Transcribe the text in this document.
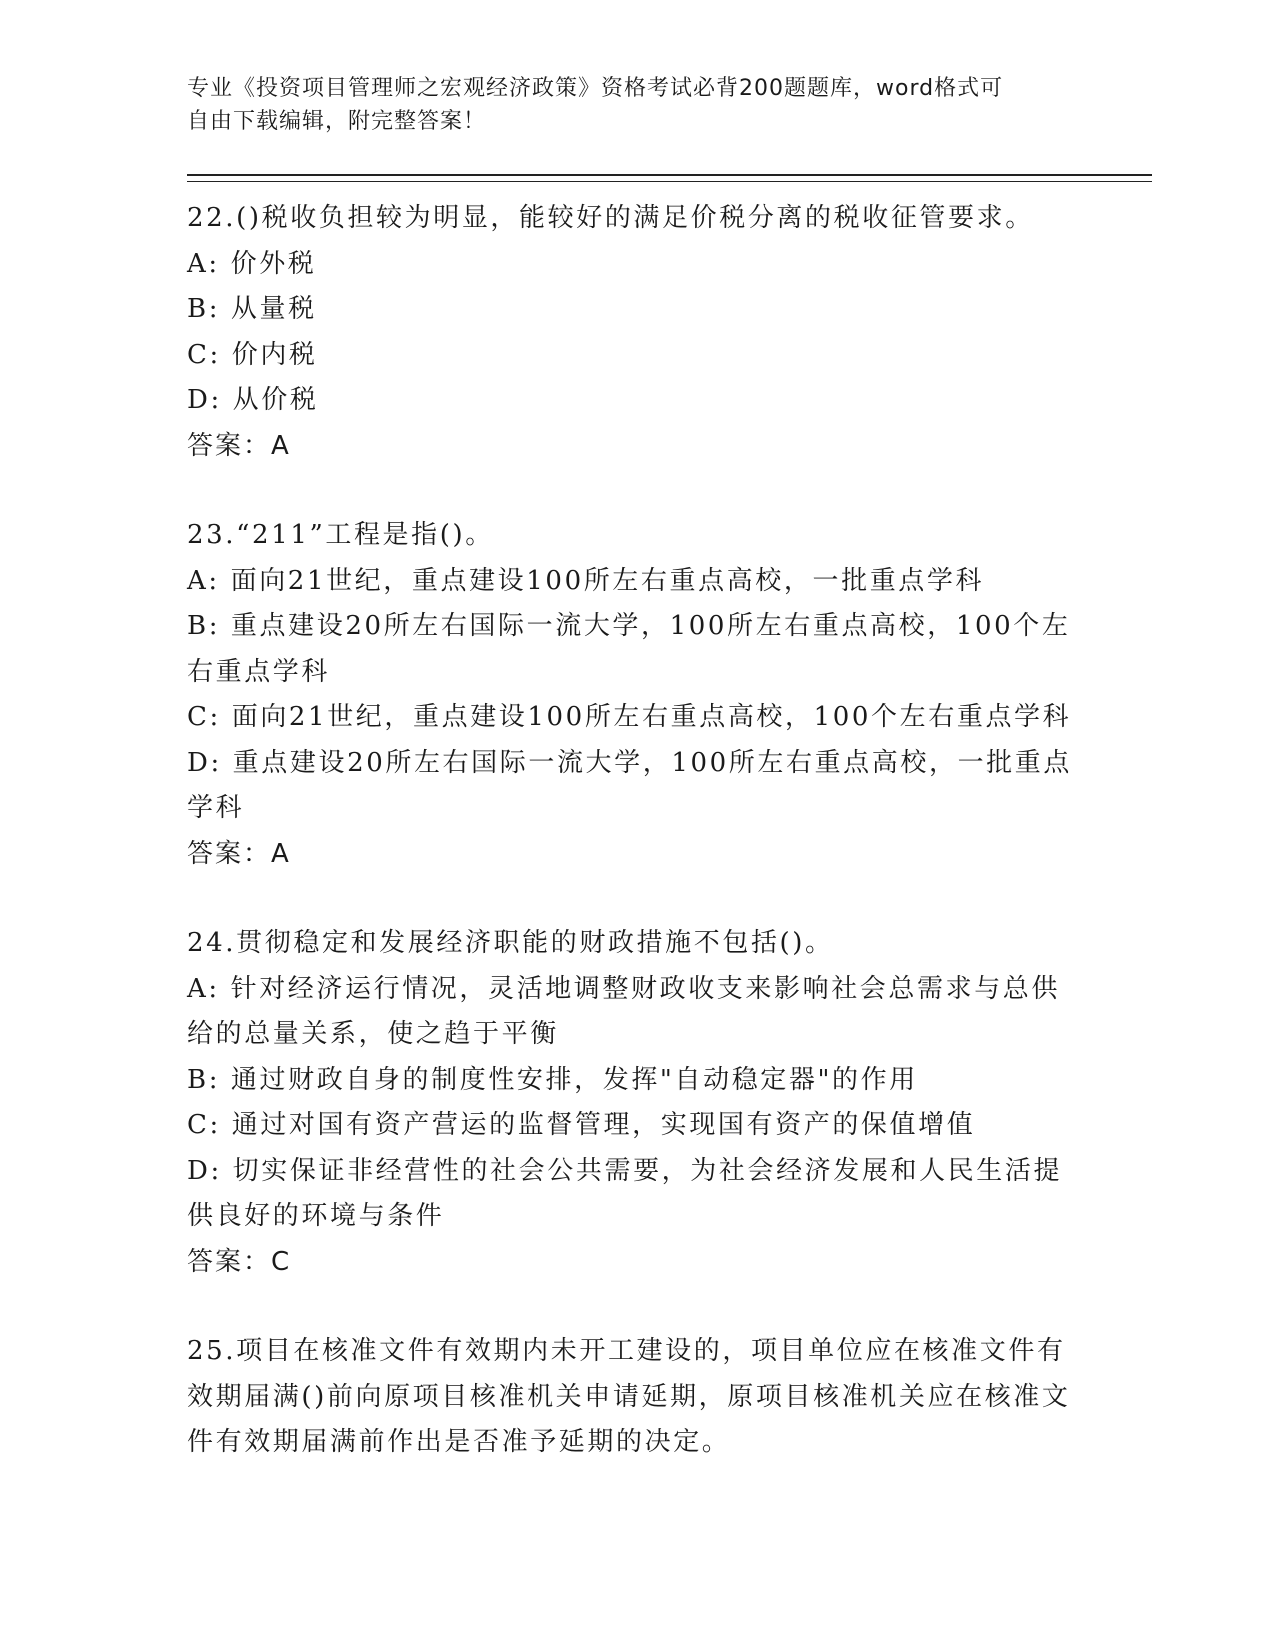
专业《投资项目管理师之宏观经济政策》资格考试必背200题题库，word格式可
自由下载编辑，附完整答案！

22.()税收负担较为明显，能较好的满足价税分离的税收征管要求。

A: 价外税

B: 从量税

C: 价内税

D: 从价税

答案：A

23.“211”工程是指()。

A: 面向21世纪，重点建设100所左右重点高校，一批重点学科

B: 重点建设20所左右国际一流大学，100所左右重点高校，100个左右重点学科

C: 面向21世纪，重点建设100所左右重点高校，100个左右重点学科

D: 重点建设20所左右国际一流大学，100所左右重点高校，一批重点学科

答案：A

24.贯彻稳定和发展经济职能的财政措施不包括()。

A: 针对经济运行情况，灵活地调整财政收支来影响社会总需求与总供给的总量关系，使之趋于平衡

B: 通过财政自身的制度性安排，发挥"自动稳定器"的作用

C: 通过对国有资产营运的监督管理，实现国有资产的保值增值

D: 切实保证非经营性的社会公共需要，为社会经济发展和人民生活提供良好的环境与条件

答案：C

25.项目在核准文件有效期内未开工建设的，项目单位应在核准文件有效期届满()前向原项目核准机关申请延期，原项目核准机关应在核准文件有效期届满前作出是否准予延期的决定。
